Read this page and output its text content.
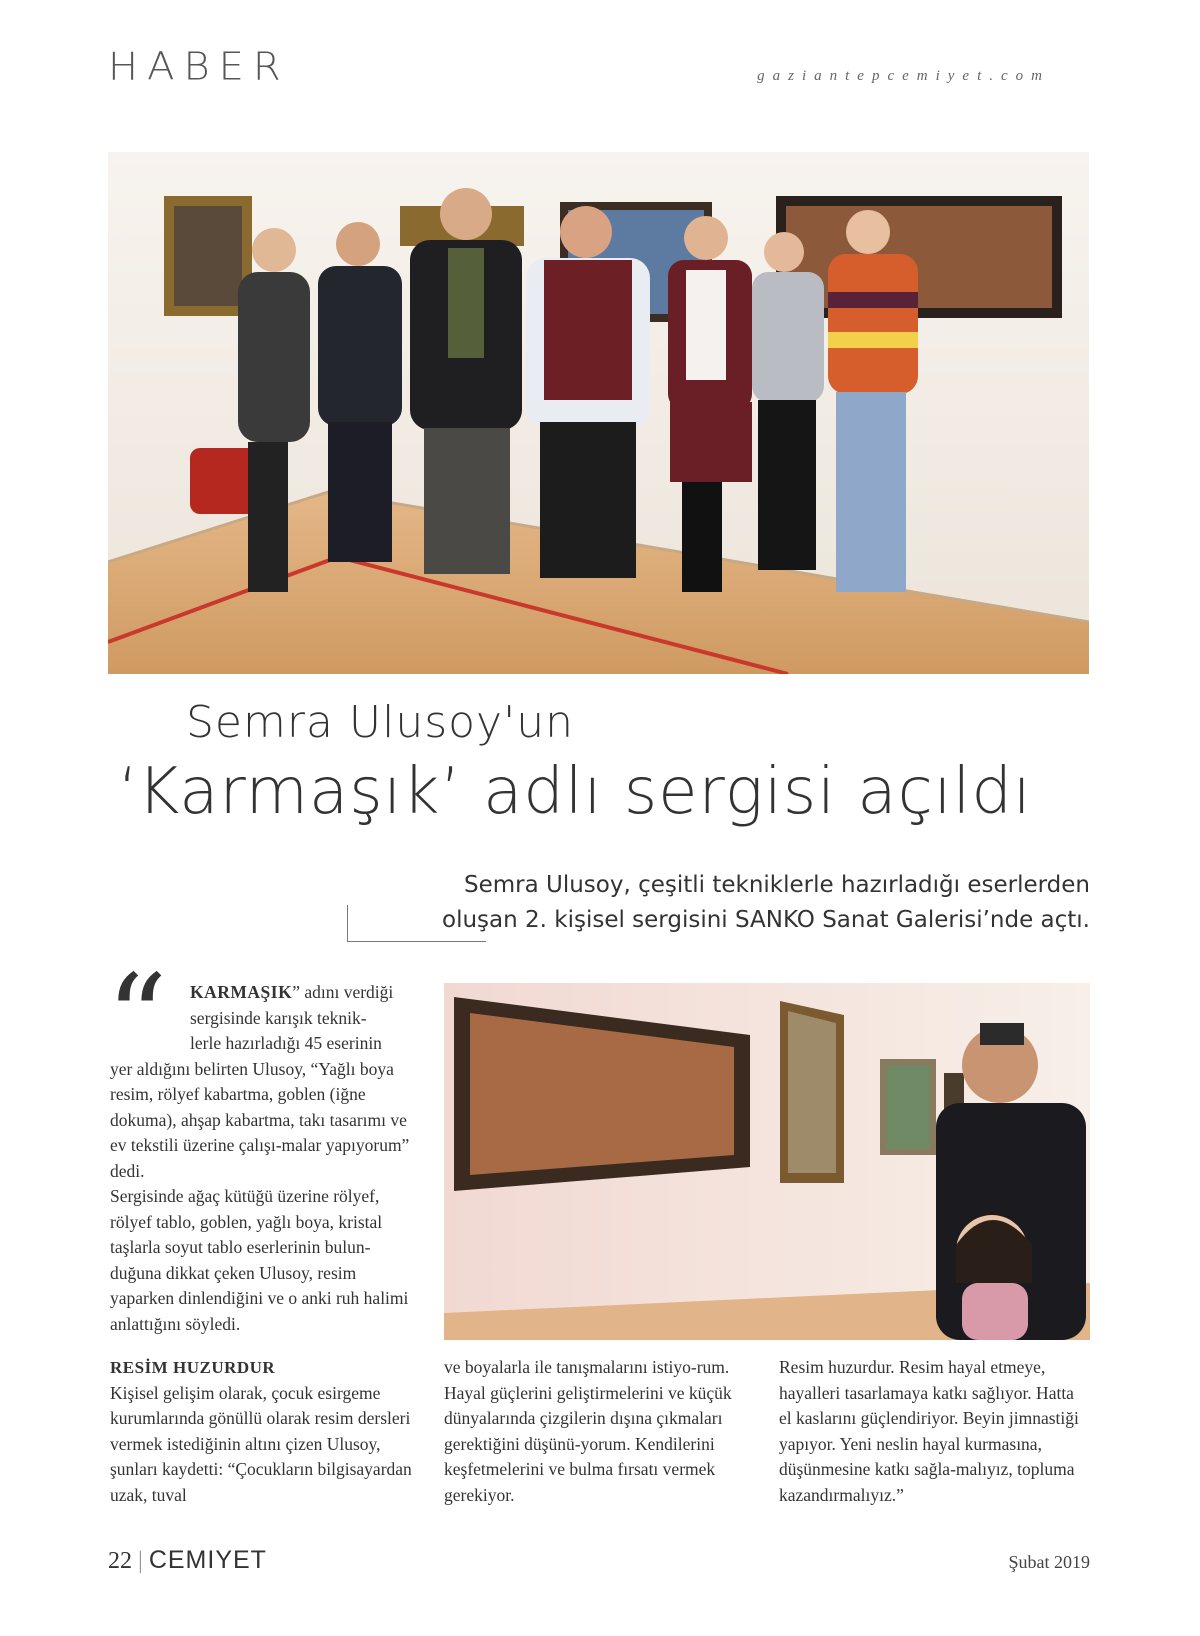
HABER	gaziantepcemiyet.com
Semra Ulusoy'un
‘Karmaşık’ adlı sergisi açıldı
Semra Ulusoy, çeşitli tekniklerle hazırladığı eserlerden
oluşan 2. kişisel sergisini SANKO Sanat Galerisi’nde açtı.
“	KARMAŞIK” adını verdiği
sergisinde karışık teknik-
lerle hazırladığı 45 eserinin

yer aldığını belirten Ulusoy, “Yağlı boya resim, rölyef kabartma, goblen (iğne dokuma), ahşap kabartma, takı tasarımı ve ev tekstili üzerine çalışı-malar yapıyorum” dedi.

Sergisinde ağaç kütüğü üzerine rölyef, rölyef tablo, goblen, yağlı boya, kristal taşlarla soyut tablo eserlerinin bulun-duğuna dikkat çeken Ulusoy, resim yaparken dinlendiğini ve o anki ruh halimi anlattığını söyledi.

RESİM HUZURDUR

Kişisel gelişim olarak, çocuk esirgeme kurumlarında gönüllü olarak resim dersleri vermek istediğinin altını çizen Ulusoy, şunları kaydetti: “Çocukların bilgisayardan uzak, tuval

ve boyalarla ile tanışmalarını istiyo-rum. Hayal güçlerini geliştirmelerini ve küçük dünyalarında çizgilerin dışına çıkmaları gerektiğini düşünü-yorum. Kendilerini keşfetmelerini ve bulma fırsatı vermek gerekiyor.

Resim huzurdur. Resim hayal etmeye, hayalleri tasarlamaya katkı sağlıyor. Hatta el kaslarını güçlendiriyor. Beyin jimnastiği yapıyor. Yeni neslin hayal kurmasına, düşünmesine katkı sağla-malıyız, topluma kazandırmalıyız.”

22 | CEMIYET	Şubat 2019
